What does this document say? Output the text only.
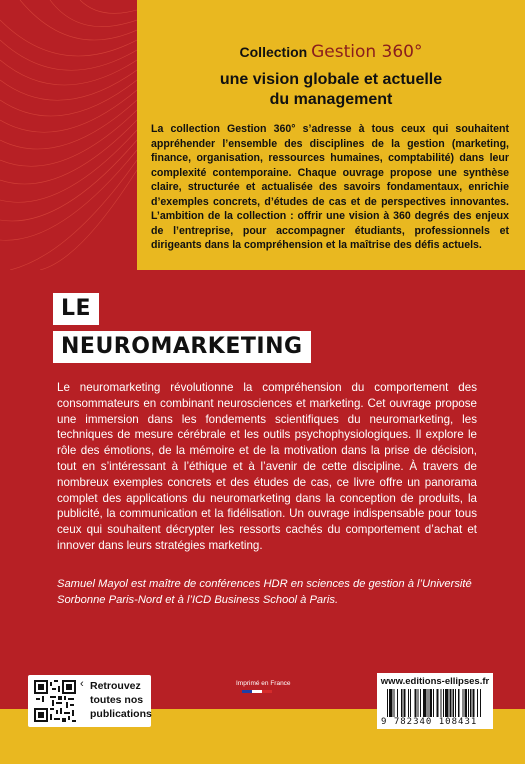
Collection Gestion 360°
une vision globale et actuelle
du management
La collection Gestion 360° s’adresse à tous ceux qui souhaitent appréhender l’ensemble des disciplines de la gestion (marketing, finance, organisation, ressources humaines, comptabilité) dans leur complexité contemporaine. Chaque ouvrage propose une synthèse claire, structurée et actualisée des savoirs fondamentaux, enrichie d’exemples concrets, d’études de cas et de perspectives innovantes. L’ambition de la collection : offrir une vision à 360 degrés des enjeux de l’entreprise, pour accompagner étudiants, professionnels et dirigeants dans la compréhension et la maîtrise des défis actuels.
LE
NEUROMARKETING
Le neuromarketing révolutionne la compréhension du comportement des consommateurs en combinant neurosciences et marketing. Cet ouvrage propose une immersion dans les fondements scientifiques du neuromarketing, les techniques de mesure cérébrale et les outils psychophysiologiques. Il explore le rôle des émotions, de la mémoire et de la motivation dans la prise de décision, tout en s’intéressant à l’éthique et à l’avenir de cette discipline. À travers de nombreux exemples concrets et des études de cas, ce livre offre un panorama complet des applications du neuromarketing dans la conception de produits, la publicité, la communication et la fidélisation. Un ouvrage indispensable pour tous ceux qui souhaitent décrypter les ressorts cachés du comportement d’achat et innover dans leurs stratégies marketing.
Samuel Mayol est maître de conférences HDR en sciences de gestion à l’Université Sorbonne Paris-Nord et à l’ICD Business School à Paris.
‹ Retrouvez toutes nos publications
Imprimé en France	www.editions-ellipses.fr
9 782340 108431
